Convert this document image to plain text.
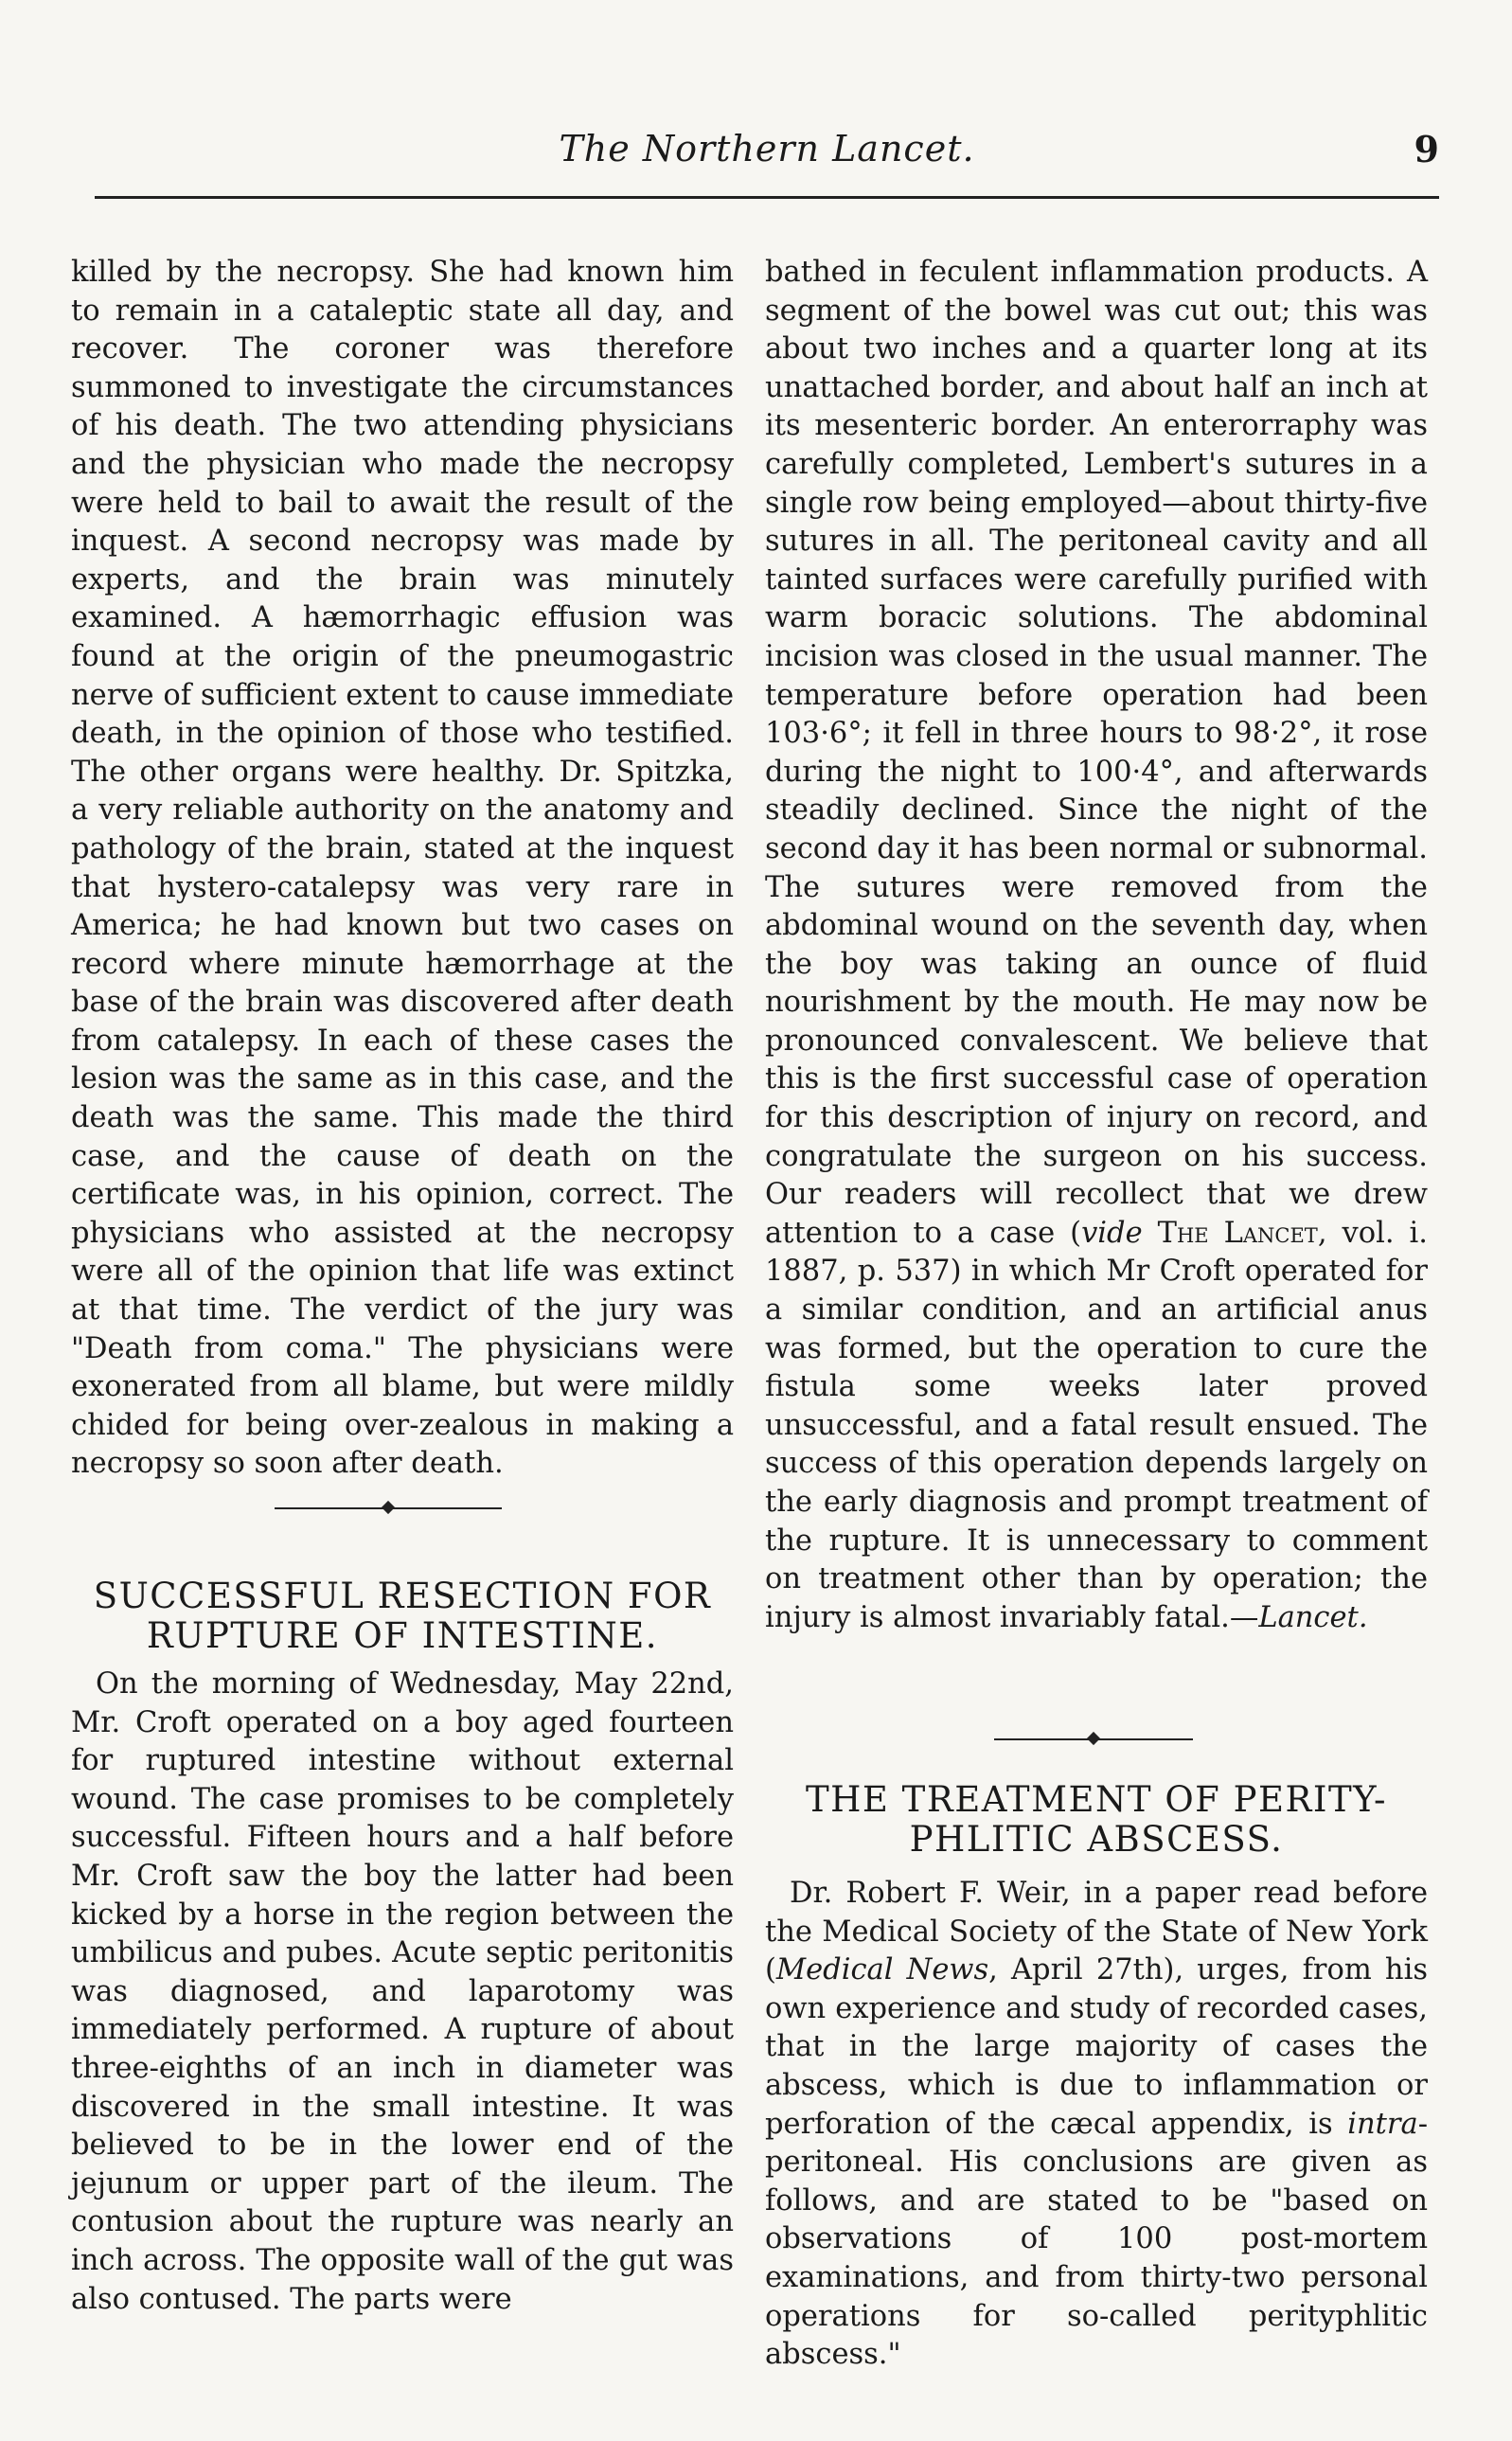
The Northern Lancet.	9

killed by the necropsy. She had known him to remain in a cataleptic state all day, and recover. The coroner was therefore summoned to investigate the circumstances of his death. The two attending physicians and the physician who made the necropsy were held to bail to await the result of the inquest. A second necropsy was made by experts, and the brain was minutely examined. A hæmorrhagic effusion was found at the origin of the pneumogastric nerve of sufficient extent to cause immediate death, in the opinion of those who testified. The other organs were healthy. Dr. Spitzka, a very reliable authority on the anatomy and pathology of the brain, stated at the inquest that hystero-catalepsy was very rare in America; he had known but two cases on record where minute hæmorrhage at the base of the brain was discovered after death from catalepsy. In each of these cases the lesion was the same as in this case, and the death was the same. This made the third case, and the cause of death on the certificate was, in his opinion, correct. The physicians who assisted at the necropsy were all of the opinion that life was extinct at that time. The verdict of the jury was "Death from coma." The physicians were exonerated from all blame, but were mildly chided for being over-zealous in making a necropsy so soon after death.

SUCCESSFUL RESECTION FOR

RUPTURE OF INTESTINE.

On the morning of Wednesday, May 22nd, Mr. Croft operated on a boy aged fourteen for ruptured intestine without external wound. The case promises to be completely successful. Fifteen hours and a half before Mr. Croft saw the boy the latter had been kicked by a horse in the region between the umbilicus and pubes. Acute septic peritonitis was diagnosed, and laparotomy was immediately performed. A rupture of about three-eighths of an inch in diameter was discovered in the small intestine. It was believed to be in the lower end of the jejunum or upper part of the ileum. The contusion about the rupture was nearly an inch across. The opposite wall of the gut was also contused. The parts were

bathed in feculent inflammation products. A segment of the bowel was cut out; this was about two inches and a quarter long at its unattached border, and about half an inch at its mesenteric border. An enterorraphy was carefully completed, Lembert's sutures in a single row being employed—about thirty-five sutures in all. The peritoneal cavity and all tainted surfaces were carefully purified with warm boracic solutions. The abdominal incision was closed in the usual manner. The temperature before operation had been 103·6°; it fell in three hours to 98·2°, it rose during the night to 100·4°, and afterwards steadily declined. Since the night of the second day it has been normal or subnormal. The sutures were removed from the abdominal wound on the seventh day, when the boy was taking an ounce of fluid nourishment by the mouth. He may now be pronounced convalescent. We believe that this is the first successful case of operation for this description of injury on record, and congratulate the surgeon on his success. Our readers will recollect that we drew attention to a case (vide The Lancet, vol. i. 1887, p. 537) in which Mr Croft operated for a similar condition, and an artificial anus was formed, but the operation to cure the fistula some weeks later proved unsuccessful, and a fatal result ensued. The success of this operation depends largely on the early diagnosis and prompt treatment of the rupture. It is unnecessary to comment on treatment other than by operation; the injury is almost invariably fatal.—Lancet.

THE TREATMENT OF PERITY-

PHLITIC ABSCESS.

Dr. Robert F. Weir, in a paper read before the Medical Society of the State of New York (Medical News, April 27th), urges, from his own experience and study of recorded cases, that in the large majority of cases the abscess, which is due to inflammation or perforation of the cæcal appendix, is intra-peritoneal. His conclusions are given as follows, and are stated to be "based on observations of 100 post-mortem examinations, and from thirty-two personal operations for so-called perityphlitic abscess."
